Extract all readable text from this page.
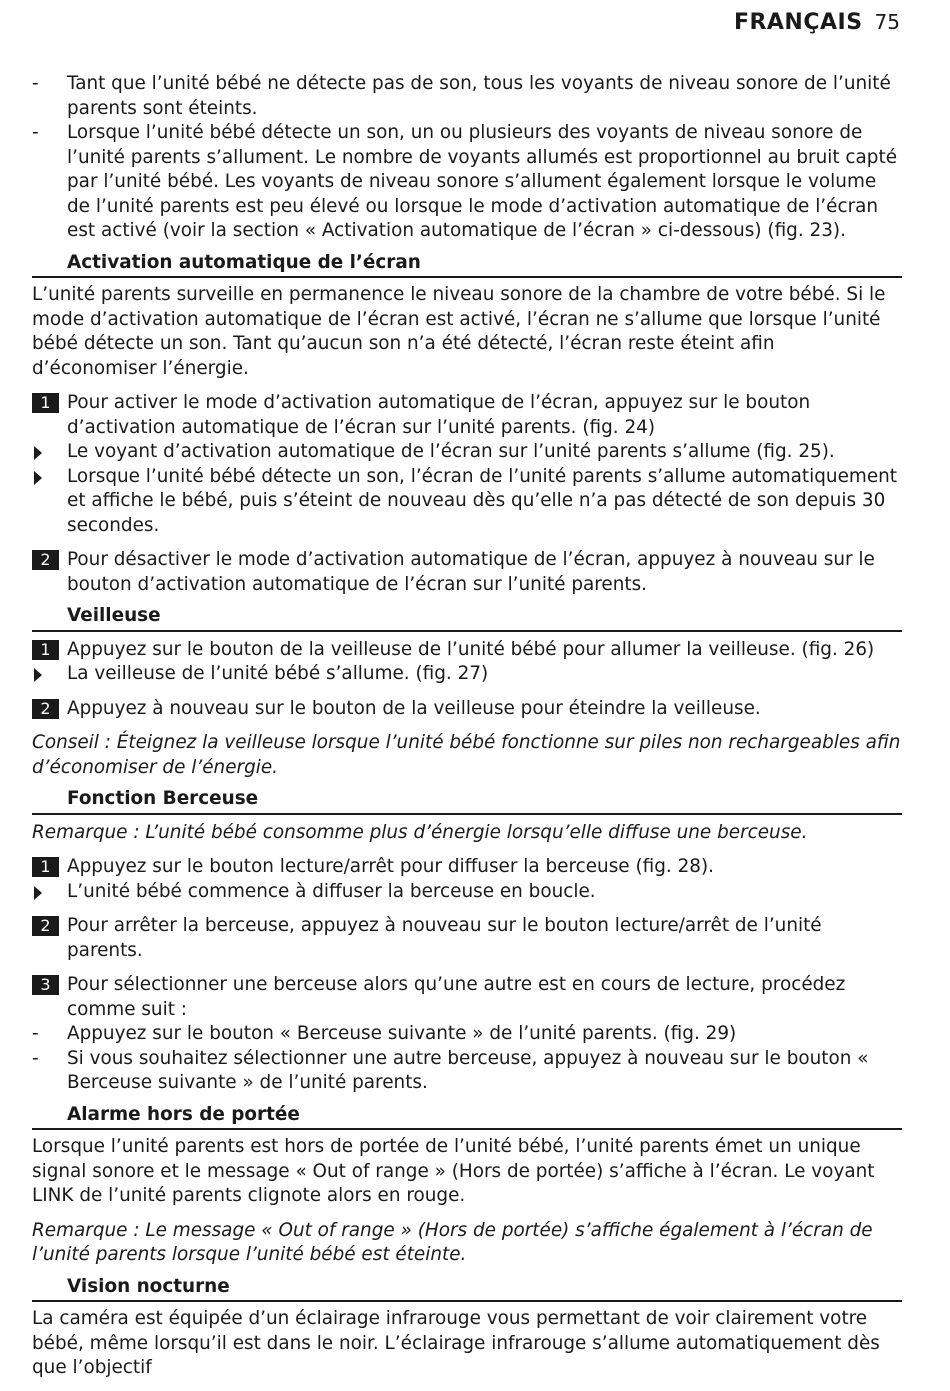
FRANÇAIS 75
- Tant que l’unité bébé ne détecte pas de son, tous les voyants de niveau sonore de l’unité parents sont éteints.
- Lorsque l’unité bébé détecte un son, un ou plusieurs des voyants de niveau sonore de l’unité parents s’allument. Le nombre de voyants allumés est proportionnel au bruit capté par l’unité bébé. Les voyants de niveau sonore s’allument également lorsque le volume de l’unité parents est peu élevé ou lorsque le mode d’activation automatique de l’écran est activé (voir la section « Activation automatique de l’écran » ci-dessous) (fig. 23).
Activation automatique de l’écran

L’unité parents surveille en permanence le niveau sonore de la chambre de votre bébé. Si le mode d’activation automatique de l’écran est activé, l’écran ne s’allume que lorsque l’unité bébé détecte un son. Tant qu’aucun son n’a été détecté, l’écran reste éteint afin d’économiser l’énergie.

1 Pour activer le mode d’activation automatique de l’écran, appuyez sur le bouton d’activation automatique de l’écran sur l’unité parents. (fig. 24)
Le voyant d’activation automatique de l’écran sur l’unité parents s’allume (fig. 25).
Lorsque l’unité bébé détecte un son, l’écran de l’unité parents s’allume automatiquement et affiche le bébé, puis s’éteint de nouveau dès qu’elle n’a pas détecté de son depuis 30 secondes.
2 Pour désactiver le mode d’activation automatique de l’écran, appuyez à nouveau sur le bouton d’activation automatique de l’écran sur l’unité parents.
Veilleuse
1 Appuyez sur le bouton de la veilleuse de l’unité bébé pour allumer la veilleuse. (fig. 26)
La veilleuse de l’unité bébé s’allume. (fig. 27)
2 Appuyez à nouveau sur le bouton de la veilleuse pour éteindre la veilleuse.

Conseil : Éteignez la veilleuse lorsque l’unité bébé fonctionne sur piles non rechargeables afin d’économiser de l’énergie.

Fonction Berceuse

Remarque : L’unité bébé consomme plus d’énergie lorsqu’elle diffuse une berceuse.

1 Appuyez sur le bouton lecture/arrêt pour diffuser la berceuse (fig. 28).
L’unité bébé commence à diffuser la berceuse en boucle.
2 Pour arrêter la berceuse, appuyez à nouveau sur le bouton lecture/arrêt de l’unité parents.
3 Pour sélectionner une berceuse alors qu’une autre est en cours de lecture, procédez comme suit :
- Appuyez sur le bouton « Berceuse suivante » de l’unité parents. (fig. 29)
- Si vous souhaitez sélectionner une autre berceuse, appuyez à nouveau sur le bouton « Berceuse suivante » de l’unité parents.
Alarme hors de portée

Lorsque l’unité parents est hors de portée de l’unité bébé, l’unité parents émet un unique signal sonore et le message « Out of range » (Hors de portée) s’affiche à l’écran. Le voyant LINK de l’unité parents clignote alors en rouge.

Remarque : Le message « Out of range » (Hors de portée) s’affiche également à l’écran de l’unité parents lorsque l’unité bébé est éteinte.

Vision nocturne

La caméra est équipée d’un éclairage infrarouge vous permettant de voir clairement votre bébé, même lorsqu’il est dans le noir. L’éclairage infrarouge s’allume automatiquement dès que l’objectif
